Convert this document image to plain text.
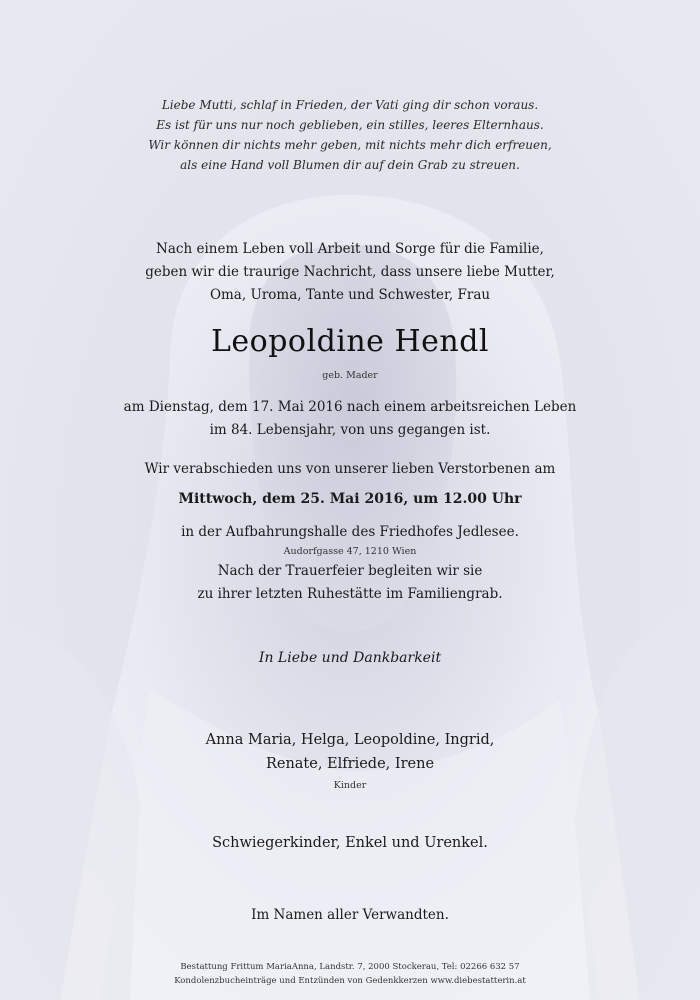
Liebe Mutti, schlaf in Frieden, der Vati ging dir schon voraus.
Es ist für uns nur noch geblieben, ein stilles, leeres Elternhaus.
Wir können dir nichts mehr geben, mit nichts mehr dich erfreuen,
als eine Hand voll Blumen dir auf dein Grab zu streuen.
Nach einem Leben voll Arbeit und Sorge für die Familie,
geben wir die traurige Nachricht, dass unsere liebe Mutter,
Oma, Uroma, Tante und Schwester, Frau
Leopoldine Hendl
geb. Mader
am Dienstag, dem 17. Mai 2016 nach einem arbeitsreichen Leben
im 84. Lebensjahr, von uns gegangen ist.
Wir verabschieden uns von unserer lieben Verstorbenen am
Mittwoch, dem 25. Mai 2016, um 12.00 Uhr
in der Aufbahrungshalle des Friedhofes Jedlesee.
Audorfgasse 47, 1210 Wien
Nach der Trauerfeier begleiten wir sie
zu ihrer letzten Ruhestätte im Familiengrab.
In Liebe und Dankbarkeit
Anna Maria, Helga, Leopoldine, Ingrid,
Renate, Elfriede, Irene
Kinder
Schwiegerkinder, Enkel und Urenkel.
Im Namen aller Verwandten.
Bestattung Frittum MariaAnna, Landstr. 7, 2000 Stockerau, Tel: 02266 632 57
Kondolenzbucheinträge und Entzünden von Gedenkkerzen www.diebestatterin.at
